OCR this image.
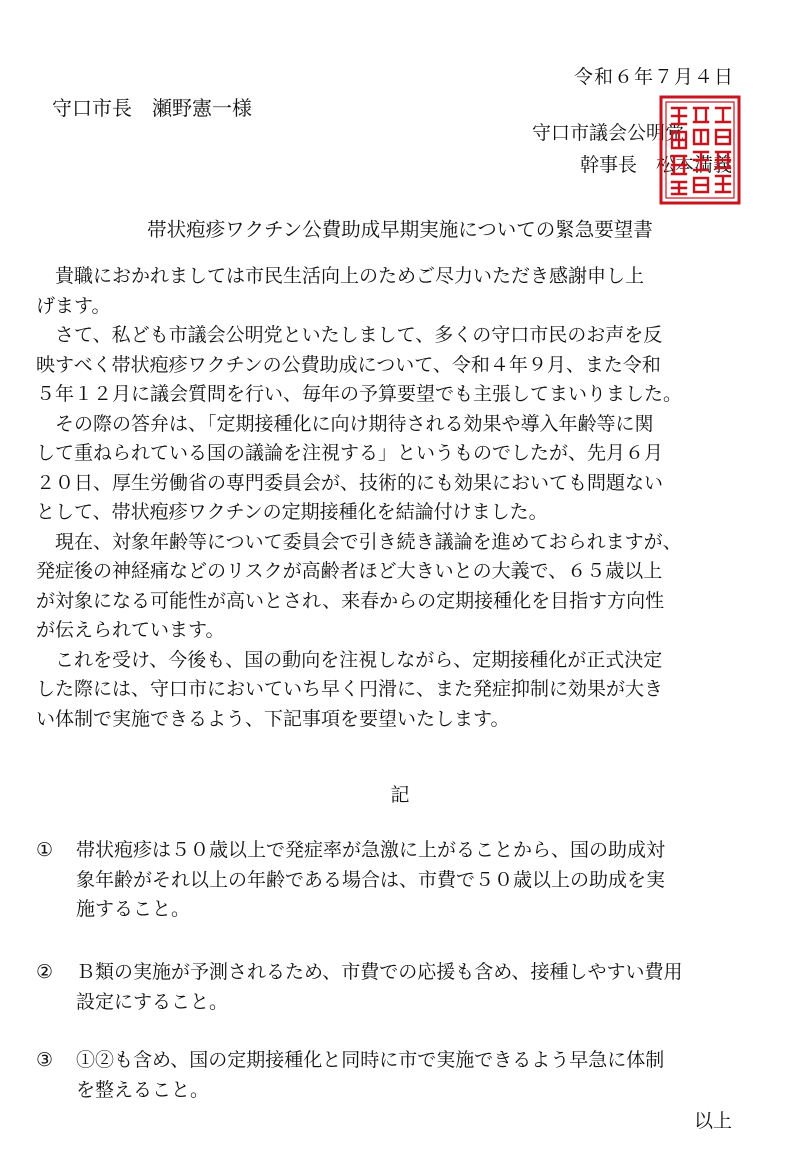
令和６年７月４日
守口市長　瀬野憲一様
守口市議会公明党
幹事長　松本満義
帯状疱疹ワクチン公費助成早期実施についての緊急要望書
　貴職におかれましては市民生活向上のためご尽力いただき感謝申し上
げます。
　さて、私ども市議会公明党といたしまして、多くの守口市民のお声を反
映すべく帯状疱疹ワクチンの公費助成について、令和４年９月、また令和
５年１２月に議会質問を行い、毎年の予算要望でも主張してまいりました。
　その際の答弁は、「定期接種化に向け期待される効果や導入年齢等に関
して重ねられている国の議論を注視する」というものでしたが、先月６月
２０日、厚生労働省の専門委員会が、技術的にも効果においても問題ない
として、帯状疱疹ワクチンの定期接種化を結論付けました。
　現在、対象年齢等について委員会で引き続き議論を進めておられますが、
発症後の神経痛などのリスクが高齢者ほど大きいとの大義で、６５歳以上
が対象になる可能性が高いとされ、来春からの定期接種化を目指す方向性
が伝えられています。
　これを受け、今後も、国の動向を注視しながら、定期接種化が正式決定
した際には、守口市においていち早く円滑に、また発症抑制に効果が大き
い体制で実施できるよう、下記事項を要望いたします。
記
① 帯状疱疹は５０歳以上で発症率が急激に上がることから、国の助成対
象年齢がそれ以上の年齢である場合は、市費で５０歳以上の助成を実
施すること。
② Ｂ類の実施が予測されるため、市費での応援も含め、接種しやすい費用
設定にすること。
③ ①②も含め、国の定期接種化と同時に市で実施できるよう早急に体制
を整えること。
以上
